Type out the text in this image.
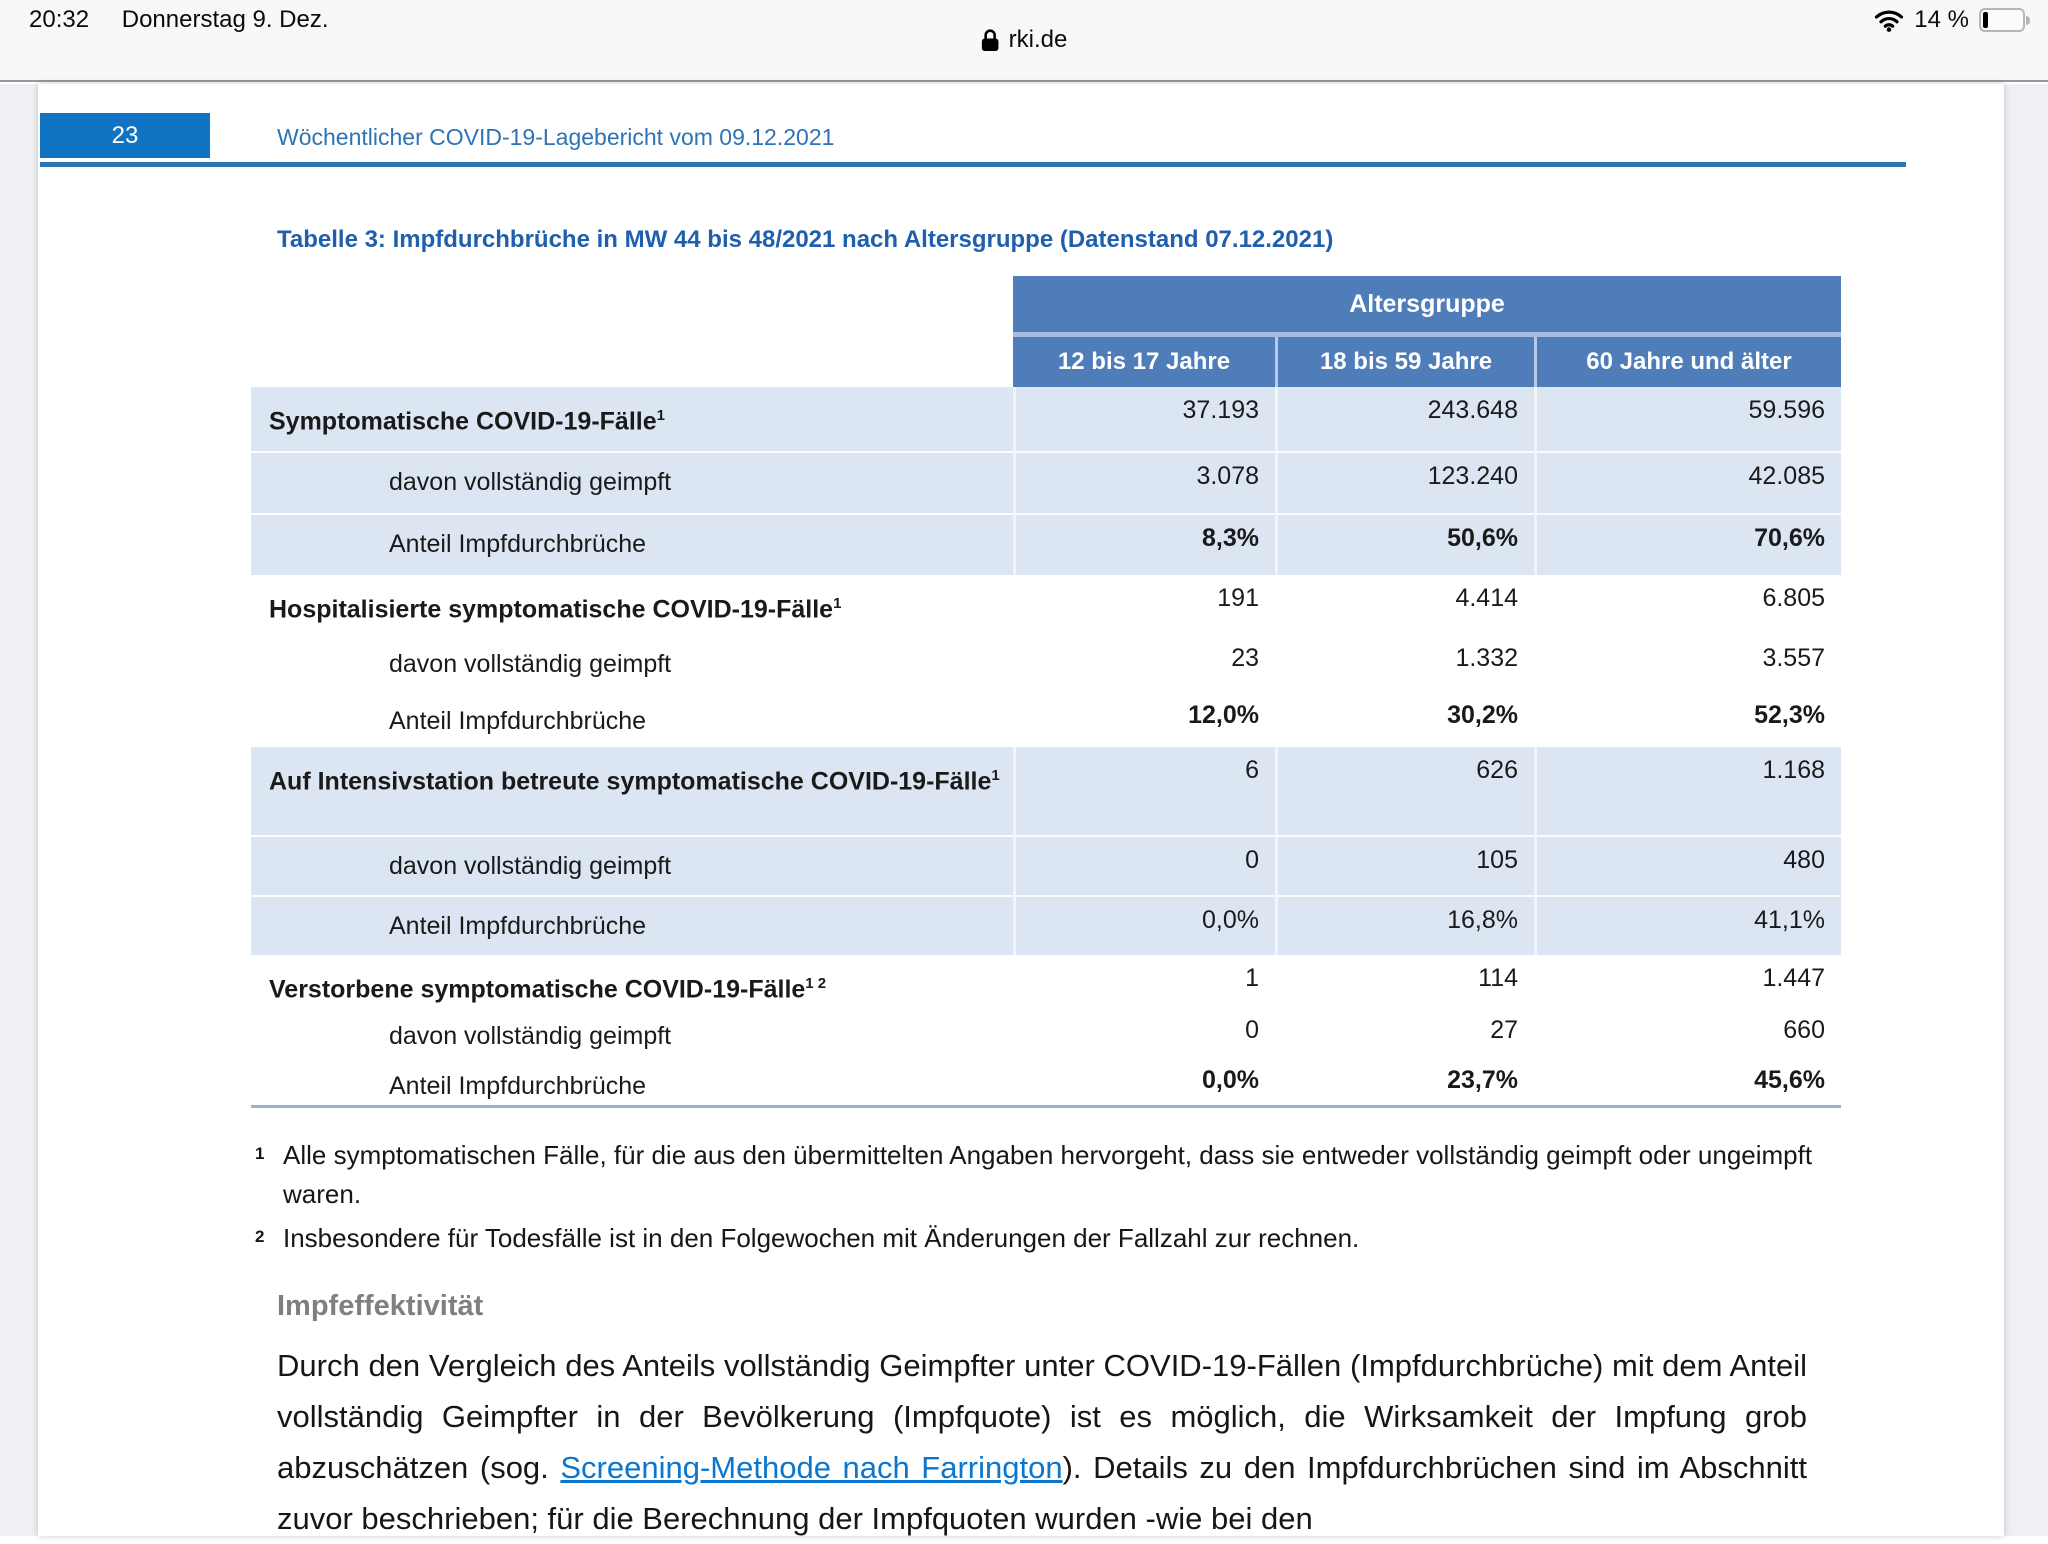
20:32 Donnerstag 9. Dez.
rki.de
14 %
23	Wöchentlicher COVID-19-Lagebericht vom 09.12.2021
Tabelle 3: Impfdurchbrüche in MW 44 bis 48/2021 nach Altersgruppe (Datenstand 07.12.2021)
Altersgruppe
12 bis 17 Jahre	18 bis 59 Jahre	60 Jahre und älter
Symptomatische COVID-19-Fälle$^1$	37.193	243.648	59.596
davon vollständig geimpft	3.078	123.240	42.085
Anteil Impfdurchbrüche	8,3%	50,6%	70,6%
Hospitalisierte symptomatische COVID-19-Fälle$^1$	191	4.414	6.805
davon vollständig geimpft	23	1.332	3.557
Anteil Impfdurchbrüche	12,0%	30,2%	52,3%
Auf Intensivstation betreute symptomatische COVID-19-Fälle$^1$	6	626	1.168
davon vollständig geimpft	0	105	480
Anteil Impfdurchbrüche	0,0%	16,8%	41,1%
Verstorbene symptomatische COVID-19-Fälle$^{1 2}$	1	114	1.447
davon vollständig geimpft	0	27	660
Anteil Impfdurchbrüche	0,0%	23,7%	45,6%
1 Alle symptomatischen Fälle, für die aus den übermittelten Angaben hervorgeht, dass sie entweder vollständig geimpft oder ungeimpft waren.
2 Insbesondere für Todesfälle ist in den Folgewochen mit Änderungen der Fallzahl zur rechnen.
Impfeffektivität

Durch den Vergleich des Anteils vollständig Geimpfter unter COVID-19-Fällen (Impfdurchbrüche) mit dem Anteil vollständig Geimpfter in der Bevölkerung (Impfquote) ist es möglich, die Wirksamkeit der Impfung grob abzuschätzen (sog. Screening-Methode nach Farrington). Details zu den Impfdurchbrüchen sind im Abschnitt zuvor beschrieben; für die Berechnung der Impfquoten wurden -wie bei den
